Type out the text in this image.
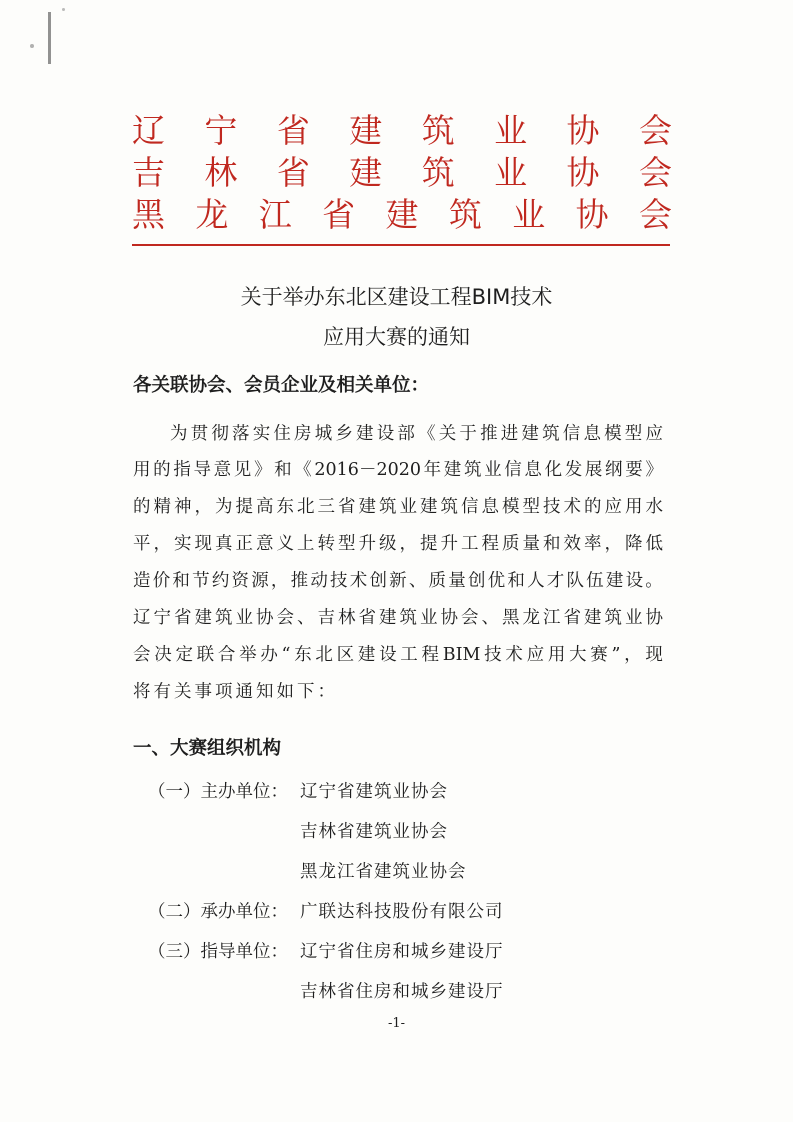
辽 宁 省 建 筑 业 协 会
吉 林 省 建 筑 业 协 会
黑 龙 江 省 建 筑 业 协 会
关于举办东北区建设工程BIM技术
应用大赛的通知
各关联协会、会员企业及相关单位：
为 贯 彻 落 实 住 房 城 乡 建 设 部 《 关 于 推 进 建 筑 信 息 模 型 应
用 的 指 导 意 见 》 和 《 2016－2020 年 建 筑 业 信 息 化 发 展 纲 要 》
的 精 神 ， 为 提 高 东 北 三 省 建 筑 业 建 筑 信 息 模 型 技 术 的 应 用 水
平 ， 实 现 真 正 意 义 上 转 型 升 级 ， 提 升 工 程 质 量 和 效 率 ， 降 低
造 价 和 节 约 资 源 ， 推 动 技 术 创 新 、 质 量 创 优 和 人 才 队 伍 建 设 。
辽 宁 省 建 筑 业 协 会 、 吉 林 省 建 筑 业 协 会 、 黑 龙 江 省 建 筑 业 协
会 决 定 联 合 举 办 “ 东 北 区 建 设 工 程 BIM 技 术 应 用 大 赛 ” ， 现
将有关事项通知如下：
一、大赛组织机构
（一）主办单位： 辽宁省建筑业协会
吉林省建筑业协会
黑龙江省建筑业协会
（二）承办单位： 广联达科技股份有限公司
（三）指导单位： 辽宁省住房和城乡建设厅
吉林省住房和城乡建设厅
-1-
